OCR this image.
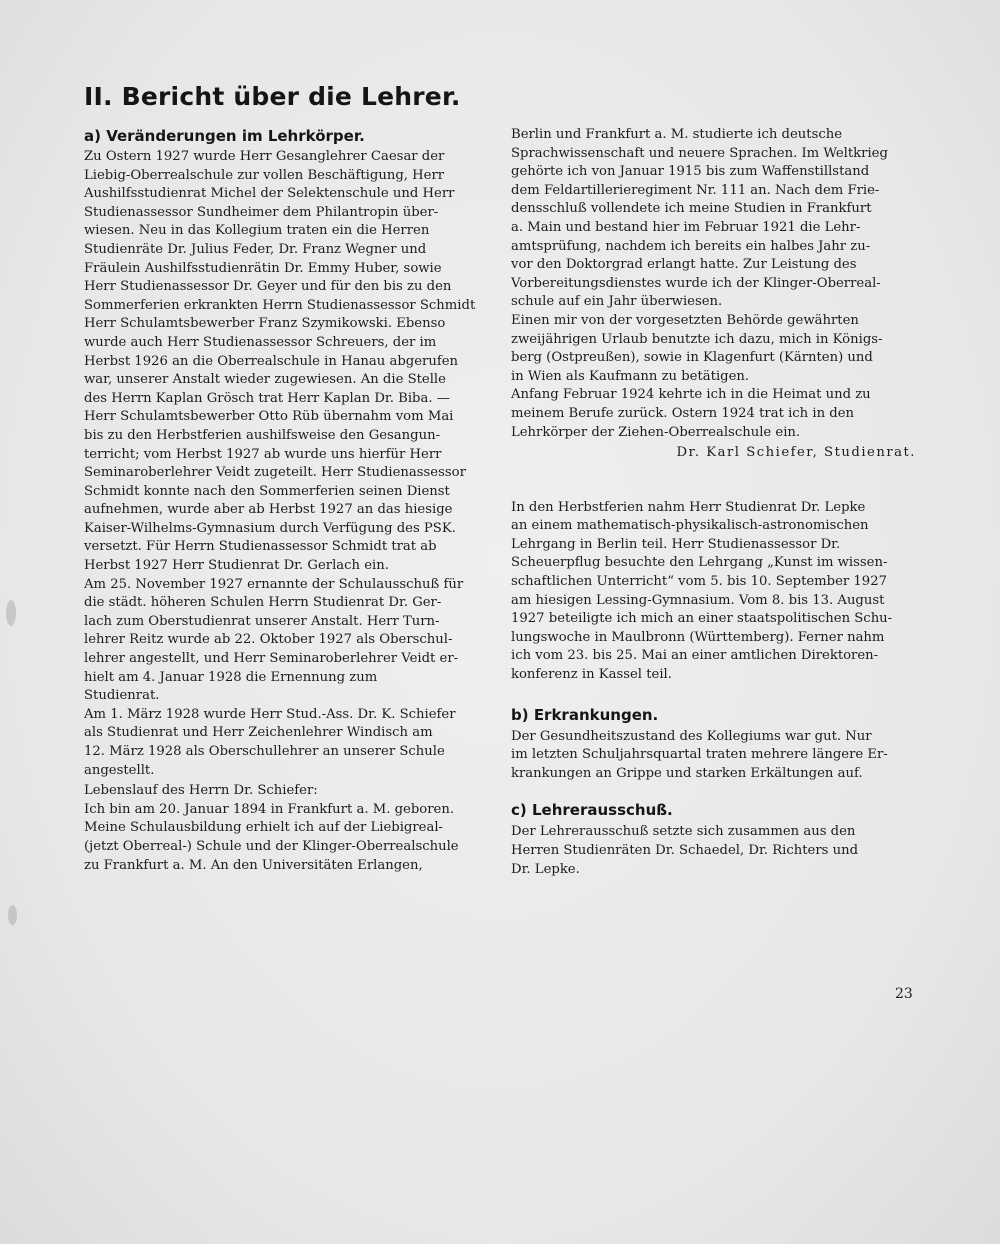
II. Bericht über die Lehrer.
a) Veränderungen im Lehrkörper.

Zu Ostern 1927 wurde Herr Gesanglehrer Caesar der
Liebig-Oberrealschule zur vollen Beschäftigung, Herr
Aushilfsstudienrat Michel der Selektenschule und Herr
Studienassessor Sundheimer dem Philantropin über-
wiesen. Neu in das Kollegium traten ein die Herren
Studienräte Dr. Julius Feder, Dr. Franz Wegner und
Fräulein Aushilfsstudienrätin Dr. Emmy Huber, sowie
Herr Studienassessor Dr. Geyer und für den bis zu den
Sommerferien erkrankten Herrn Studienassessor Schmidt
Herr Schulamtsbewerber Franz Szymikowski. Ebenso
wurde auch Herr Studienassessor Schreuers, der im
Herbst 1926 an die Oberrealschule in Hanau abgerufen
war, unserer Anstalt wieder zugewiesen. An die Stelle
des Herrn Kaplan Grösch trat Herr Kaplan Dr. Biba. —
Herr Schulamtsbewerber Otto Rüb übernahm vom Mai
bis zu den Herbstferien aushilfsweise den Gesangun-
terricht; vom Herbst 1927 ab wurde uns hierfür Herr
Seminaroberlehrer Veidt zugeteilt. Herr Studienassessor
Schmidt konnte nach den Sommerferien seinen Dienst
aufnehmen, wurde aber ab Herbst 1927 an das hiesige
Kaiser-Wilhelms-Gymnasium durch Verfügung des PSK.
versetzt. Für Herrn Studienassessor Schmidt trat ab
Herbst 1927 Herr Studienrat Dr. Gerlach ein.

Am 25. November 1927 ernannte der Schulausschuß für
die städt. höheren Schulen Herrn Studienrat Dr. Ger-
lach zum Oberstudienrat unserer Anstalt. Herr Turn-
lehrer Reitz wurde ab 22. Oktober 1927 als Oberschul-
lehrer angestellt, und Herr Seminaroberlehrer Veidt er-
hielt am 4. Januar 1928 die Ernennung zum
Studienrat.

Am 1. März 1928 wurde Herr Stud.-Ass. Dr. K. Schiefer
als Studienrat und Herr Zeichenlehrer Windisch am
12. März 1928 als Oberschullehrer an unserer Schule
angestellt.

Lebenslauf des Herrn Dr. Schiefer:

Ich bin am 20. Januar 1894 in Frankfurt a. M. geboren.
Meine Schulausbildung erhielt ich auf der Liebigreal-
(jetzt Oberreal-) Schule und der Klinger-Oberrealschule
zu Frankfurt a. M. An den Universitäten Erlangen,

Berlin und Frankfurt a. M. studierte ich deutsche
Sprachwissenschaft und neuere Sprachen. Im Weltkrieg
gehörte ich von Januar 1915 bis zum Waffenstillstand
dem Feldartillerieregiment Nr. 111 an. Nach dem Frie-
densschluß vollendete ich meine Studien in Frankfurt
a. Main und bestand hier im Februar 1921 die Lehr-
amtsprüfung, nachdem ich bereits ein halbes Jahr zu-
vor den Doktorgrad erlangt hatte. Zur Leistung des
Vorbereitungsdienstes wurde ich der Klinger-Oberreal-
schule auf ein Jahr überwiesen.

Einen mir von der vorgesetzten Behörde gewährten
zweijährigen Urlaub benutzte ich dazu, mich in Königs-
berg (Ostpreußen), sowie in Klagenfurt (Kärnten) und
in Wien als Kaufmann zu betätigen.

Anfang Februar 1924 kehrte ich in die Heimat und zu
meinem Berufe zurück. Ostern 1924 trat ich in den
Lehrkörper der Ziehen-Oberrealschule ein.

Dr. Karl Schiefer, Studienrat.

In den Herbstferien nahm Herr Studienrat Dr. Lepke
an einem mathematisch-physikalisch-astronomischen
Lehrgang in Berlin teil. Herr Studienassessor Dr.
Scheuerpflug besuchte den Lehrgang „Kunst im wissen-
schaftlichen Unterricht“ vom 5. bis 10. September 1927
am hiesigen Lessing-Gymnasium. Vom 8. bis 13. August
1927 beteiligte ich mich an einer staatspolitischen Schu-
lungswoche in Maulbronn (Württemberg). Ferner nahm
ich vom 23. bis 25. Mai an einer amtlichen Direktoren-
konferenz in Kassel teil.

b) Erkrankungen.

Der Gesundheitszustand des Kollegiums war gut. Nur
im letzten Schuljahrsquartal traten mehrere längere Er-
krankungen an Grippe und starken Erkältungen auf.

c) Lehrerausschuß.

Der Lehrerausschuß setzte sich zusammen aus den
Herren Studienräten Dr. Schaedel, Dr. Richters und
Dr. Lepke.

23
